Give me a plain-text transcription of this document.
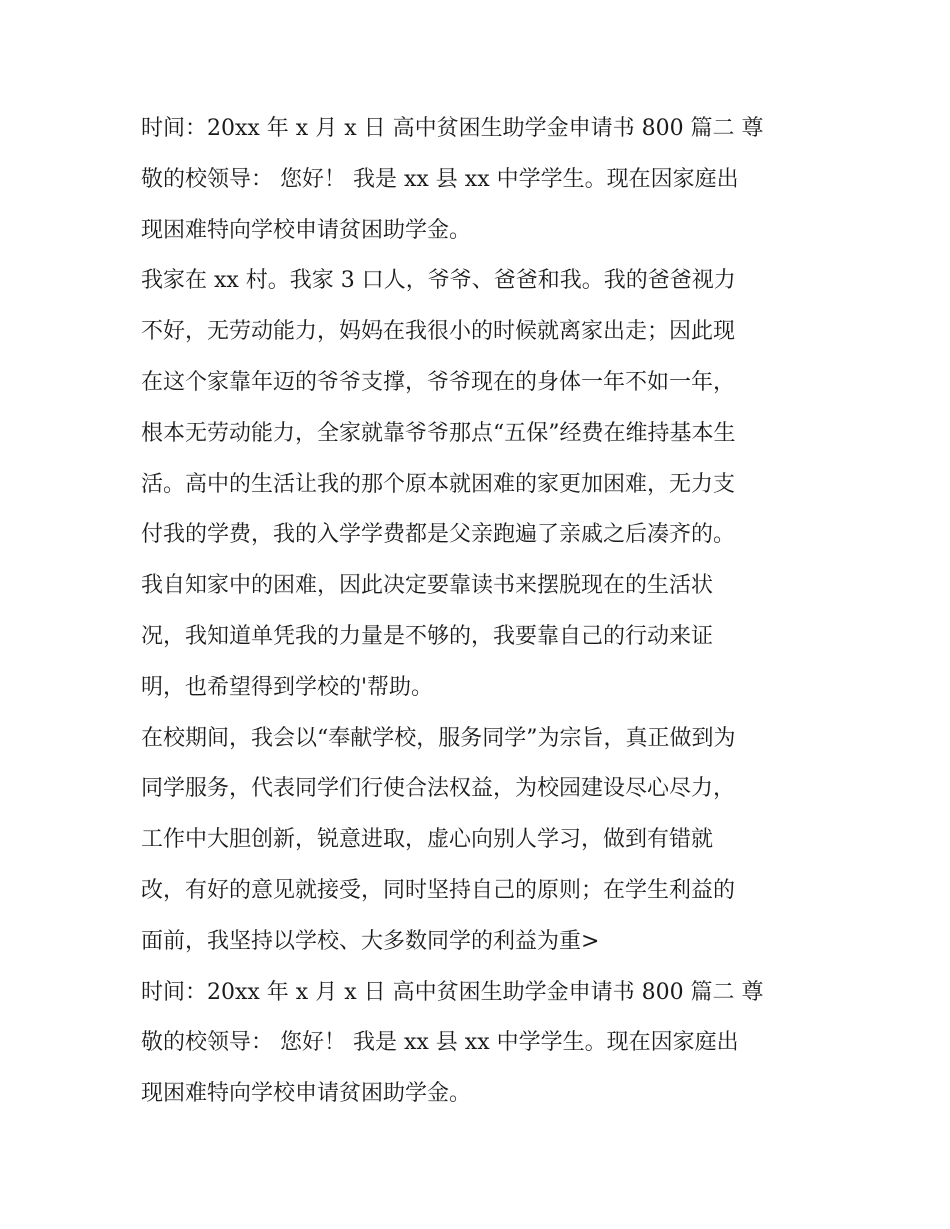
时间：20xx 年 x 月 x 日 高中贫困生助学金申请书 800 篇二 尊
敬的校领导： 您好！ 我是 xx 县 xx 中学学生。现在因家庭出
现困难特向学校申请贫困助学金。
我家在 xx 村。我家 3 口人，爷爷、爸爸和我。我的爸爸视力
不好，无劳动能力，妈妈在我很小的时候就离家出走；因此现
在这个家靠年迈的爷爷支撑，爷爷现在的身体一年不如一年，
根本无劳动能力，全家就靠爷爷那点“五保”经费在维持基本生
活。高中的生活让我的那个原本就困难的家更加困难，无力支
付我的学费，我的入学学费都是父亲跑遍了亲戚之后凑齐的。
我自知家中的困难，因此决定要靠读书来摆脱现在的生活状
况，我知道单凭我的力量是不够的，我要靠自己的行动来证
明，也希望得到学校的'帮助。
在校期间，我会以“奉献学校，服务同学”为宗旨，真正做到为
同学服务，代表同学们行使合法权益，为校园建设尽心尽力，
工作中大胆创新，锐意进取，虚心向别人学习，做到有错就
改，有好的意见就接受，同时坚持自己的原则；在学生利益的
面前，我坚持以学校、大多数同学的利益为重>
时间：20xx 年 x 月 x 日 高中贫困生助学金申请书 800 篇二 尊
敬的校领导： 您好！ 我是 xx 县 xx 中学学生。现在因家庭出
现困难特向学校申请贫困助学金。
